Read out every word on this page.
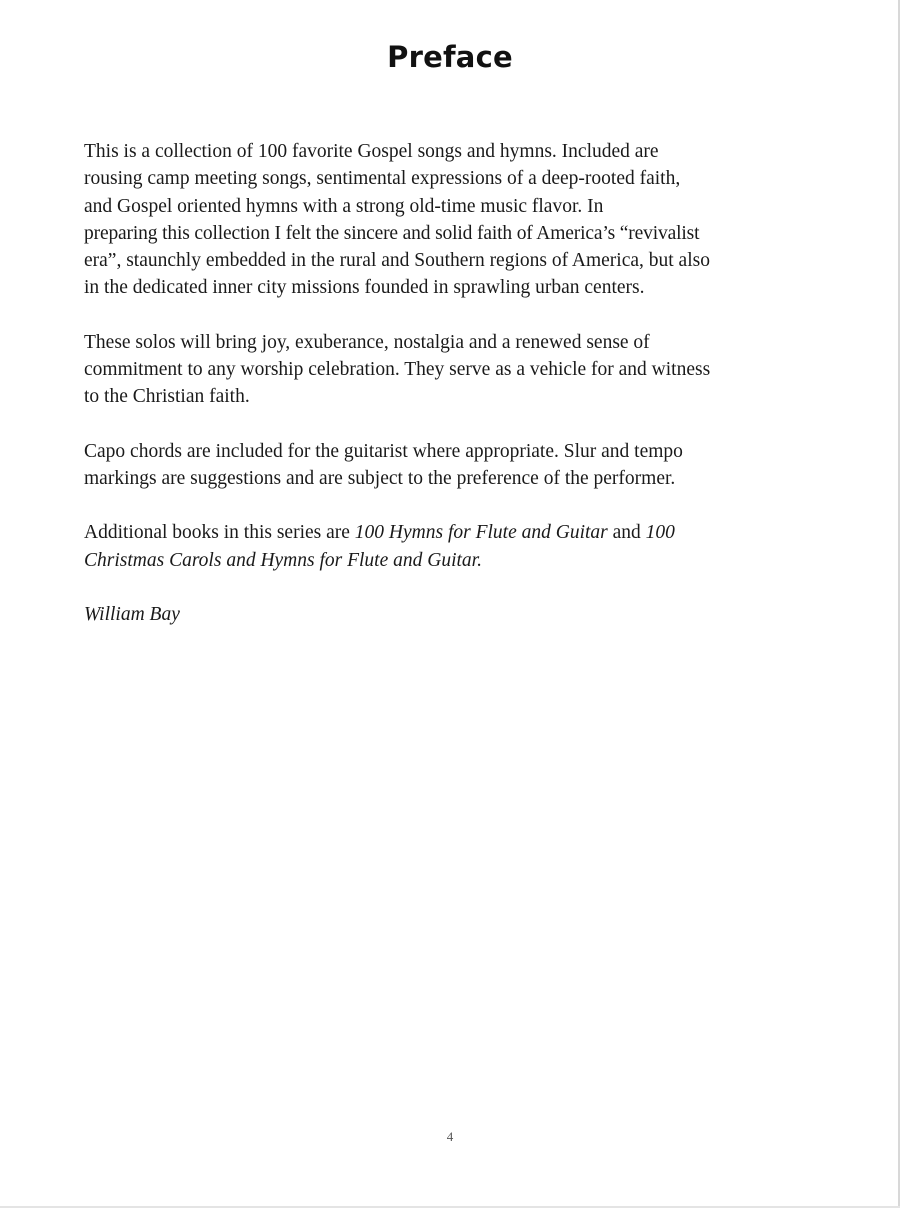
Preface

This is a collection of 100 favorite Gospel songs and hymns. Included are
rousing camp meeting songs, sentimental expressions of a deep-rooted faith,
and Gospel oriented hymns with a strong old-time music flavor. In
preparing this collection I felt the sincere and solid faith of America’s “revivalist
era”, staunchly embedded in the rural and Southern regions of America, but also
in the dedicated inner city missions founded in sprawling urban centers.

These solos will bring joy, exuberance, nostalgia and a renewed sense of
commitment to any worship celebration. They serve as a vehicle for and witness
to the Christian faith.

Capo chords are included for the guitarist where appropriate. Slur and tempo
markings are suggestions and are subject to the preference of the performer.

Additional books in this series are 100 Hymns for Flute and Guitar and 100
Christmas Carols and Hymns for Flute and Guitar.

William Bay

4
